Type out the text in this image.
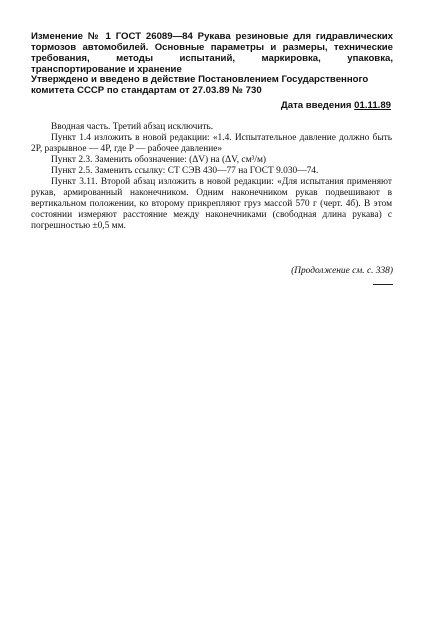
Изменение № 1 ГОСТ 26089—84 Рукава резиновые для гидравлических тормозов автомобилей. Основные параметры и размеры, технические требования, методы испытаний, маркировка, упаковка, транспортирование и хранение
Утверждено и введено в действие Постановлением Государственного комитета СССР по стандартам от 27.03.89 № 730
Дата введения 01.11.89

Вводная часть. Третий абзац исключить.

Пункт 1.4 изложить в новой редакции: «1.4. Испытательное давление должно быть 2P, разрывное — 4P, где P — рабочее давление»

Пункт 2.3. Заменить обозначение: (ΔV) на (ΔV, см³/м)

Пункт 2.5. Заменить ссылку: СТ СЭВ 430—77 на ГОСТ 9.030—74.

Пункт 3.11. Второй абзац изложить в новой редакции: «Для испытания применяют рукав, армированный наконечником. Одним наконечником рукав подвешивают в вертикальном положении, ко второму прикрепляют груз массой 570 г (черт. 4б). В этом состоянии измеряют расстояние между наконечниками (свободная длина рукава) с погрешностью ±0,5 мм.

(Продолжение см. с. 338)
